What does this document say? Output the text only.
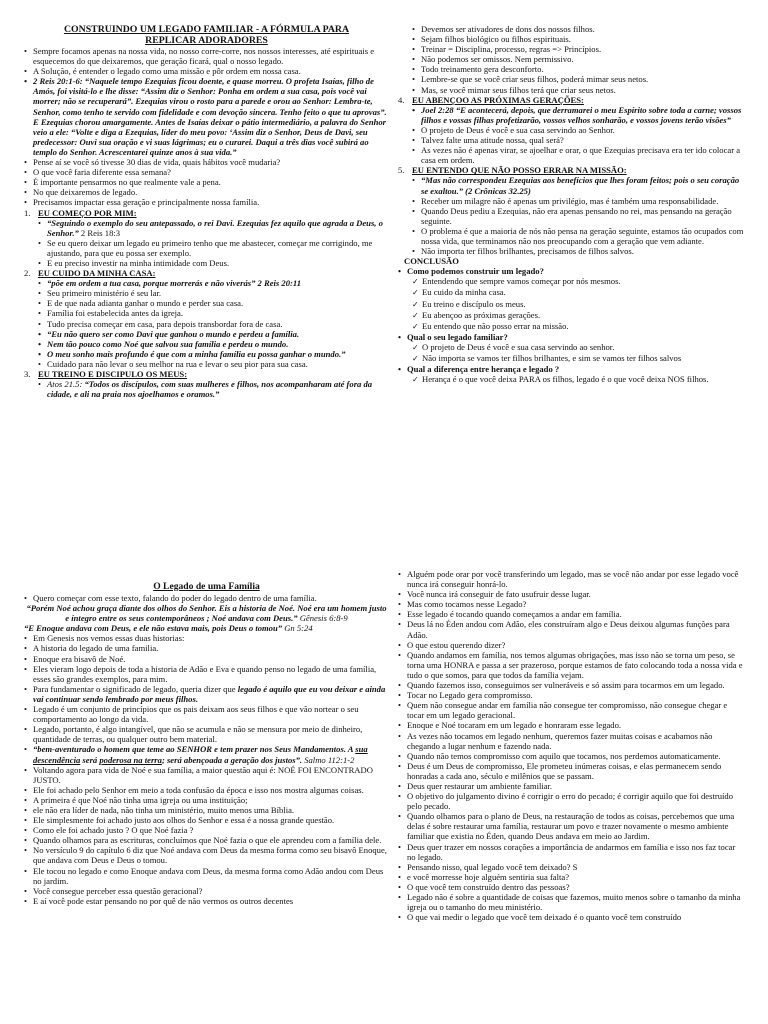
CONSTRUINDO UM LEGADO FAMILIAR - A FÓRMULA PARA
REPLICAR ADORADORES
• Sempre focamos apenas na nossa vida, no nosso corre-corre, nos nossos interesses, até espirituais e esquecemos do que deixaremos, que geração ficará, qual o nosso legado.
• A Solução, é entender o legado como uma missão e pôr ordem em nossa casa.
• 2 Reis 20:1-6: “Naquele tempo Ezequias ficou doente, e quase morreu. O profeta Isaías, filho de Amós, foi visitá-lo e lhe disse: “Assim diz o Senhor: Ponha em ordem a sua casa, pois você vai morrer; não se recuperará”. Ezequias virou o rosto para a parede e orou ao Senhor: Lembra-te, Senhor, como tenho te servido com fidelidade e com devoção sincera. Tenho feito o que tu aprovas”. E Ezequias chorou amargamente. Antes de Isaías deixar o pátio intermediário, a palavra do Senhor veio a ele: “Volte e diga a Ezequias, líder do meu povo: ‘Assim diz o Senhor, Deus de Davi, seu predecessor: Ouvi sua oração e vi suas lágrimas; eu o curarei. Daqui a três dias você subirá ao templo do Senhor. Acrescentarei quinze anos à sua vida.”
• Pense aí se você só tivesse 30 dias de vida, quais hábitos você mudaria?
• O que você faria diferente essa semana?
• É importante pensarmos no que realmente vale a pena.
• No que deixaremos de legado.
• Precisamos impactar essa geração e principalmente nossa família.
1. EU COMEÇO POR MIM:
• “Seguindo o exemplo do seu antepassado, o rei Davi. Ezequias fez aquilo que agrada a Deus, o Senhor.” 2 Reis 18:3
• Se eu quero deixar um legado eu primeiro tenho que me abastecer, começar me corrigindo, me ajustando, para que eu possa ser exemplo.
• E eu preciso investir na minha intimidade com Deus.
2. EU CUIDO DA MINHA CASA:
• “põe em ordem a tua casa, porque morrerás e não viverás” 2 Reis 20:11
• Seu primeiro ministério é seu lar.
• E de que nada adianta ganhar o mundo e perder sua casa.
• Família foi estabelecida antes da igreja.
• Tudo precisa começar em casa, para depois transbordar fora de casa.
• “Eu não quero ser como Davi que ganhou o mundo e perdeu a família.
• Nem tão pouco como Noé que salvou sua família e perdeu o mundo.
• O meu sonho mais profundo é que com a minha família eu possa ganhar o mundo.”
• Cuidado para não levar o seu melhor na rua e levar o seu pior para sua casa.
3. EU TREINO E DISCIPULO OS MEUS:
• Atos 21.5: “Todos os discípulos, com suas mulheres e filhos, nos acompanharam até fora da cidade, e ali na praia nos ajoelhamos e oramos.”
• Devemos ser ativadores de dons dos nossos filhos.
• Sejam filhos biológico ou filhos espirituais.
• Treinar = Disciplina, processo, regras => Princípios.
• Não podemos ser omissos. Nem permissivo.
• Todo treinamento gera desconforto.
• Lembre-se que se você criar seus filhos, poderá mimar seus netos.
• Mas, se você mimar seus filhos terá que criar seus netos.
4. EU ABENÇOO AS PRÓXIMAS GERAÇÕES:
• Joel 2:28 “E acontecerá, depois, que derramarei o meu Espírito sobre toda a carne; vossos filhos e vossas filhas profetizarão, vossos velhos sonharão, e vossos jovens terão visões”
• O projeto de Deus é você e sua casa servindo ao Senhor.
• Talvez falte uma atitude nossa, qual será?
• As vezes não é apenas virar, se ajoelhar e orar, o que Ezequias precisava era ter ido colocar a casa em ordem.
5. EU ENTENDO QUE NÃO POSSO ERRAR NA MISSÃO:
• “Mas não correspondeu Ezequias aos benefícios que lhes foram feitos; pois o seu coração se exaltou.” (2 Crônicas 32.25)
• Receber um milagre não é apenas um privilégio, mas é também uma responsabilidade.
• Quando Deus pediu a Ezequias, não era apenas pensando no rei, mas pensando na geração seguinte.
• O problema é que a maioria de nós não pensa na geração seguinte, estamos tão ocupados com nossa vida, que terminamos não nos preocupando com a geração que vem adiante.
• Não importa ter filhos brilhantes, precisamos de filhos salvos.
CONCLUSÃO
• Como podemos construir um legado?
✓ Entendendo que sempre vamos começar por nós mesmos.
✓ Eu cuido da minha casa.
✓ Eu treino e discípulo os meus.
✓ Eu abençoo as próximas gerações.
✓ Eu entendo que não posso errar na missão.
• Qual o seu legado familiar?
✓ O projeto de Deus é você e sua casa servindo ao senhor.
✓ Não importa se vamos ter filhos brilhantes, e sim se vamos ter filhos salvos
• Qual a diferença entre herança e legado ?
✓ Herança é o que você deixa PARA os filhos, legado é o que você deixa NOS filhos.
O Legado de uma Família
• Quero começar com esse texto, falando do poder do legado dentro de uma família.
“Porém Noé achou graça diante dos olhos do Senhor. Eis a historia de Noé. Noé era um homem justo e íntegro entre os seus contemporâneos ; Noé andava com Deus.” Gênesis 6:8-9
“E Enoque andava com Deus, e ele não estava mais, pois Deus o tomou” Gn 5:24
• Em Genesis nos vemos essas duas historias:
• A historia do legado de uma familia.
• Enoque era bisavô de Noé.
• Eles vieram logo depois de toda a historia de Adão e Eva e quando penso no legado de uma família, esses são grandes exemplos, para mim.
• Para fundamentar o significado de legado, queria dizer que legado é aquilo que eu vou deixar e ainda vai continuar sendo lembrado por meus filhos.
• Legado é um conjunto de princípios que os pais deixam aos seus filhos e que vão nortear o seu comportamento ao longo da vida.
• Legado, portanto, é algo intangível, que não se acumula e não se mensura por meio de dinheiro, quantidade de terras, ou qualquer outro bem material.
• “bem-aventurado o homem que teme ao SENHOR e tem prazer nos Seus Mandamentos. A sua descendência será poderosa na terra; será abençoada a geração dos justos”. Salmo 112:1-2
• Voltando agora para vida de Noé e sua família, a maior questão aqui é: NOÉ FOI ENCONTRADO JUSTO.
• Ele foi achado pelo Senhor em meio a toda confusão da época e isso nos mostra algumas coisas.
• A primeira é que Noé não tinha uma igreja ou uma instituição;
• ele não era líder de nada, não tinha um ministério, muito menos uma Bíblia.
• Ele simplesmente foi achado justo aos olhos do Senhor e essa é a nossa grande questão.
• Como ele foi achado justo ? O que Noé fazia ?
• Quando olhamos para as escrituras, concluímos que Noé fazia o que ele aprendeu com a família dele.
• No versículo 9 do capítulo 6 diz que Noé andava com Deus da mesma forma como seu bisavô Enoque, que andava com Deus e Deus o tomou.
• Ele tocou no legado e como Enoque andava com Deus, da mesma forma como Adão andou com Deus no jardim.
• Você consegue perceber essa questão geracional?
• E aí você pode estar pensando no por quê de não vermos os outros decentes
• Alguém pode orar por você transferindo um legado, mas se você não andar por esse legado você nunca irá conseguir honrá-lo.
• Você nunca irá conseguir de fato usufruir desse lugar.
• Mas como tocamos nesse Legado?
• Esse legado é tocando quando começamos a andar em família.
• Deus lá no Éden andou com Adão, eles construíram algo e Deus deixou algumas funções para Adão.
• O que estou querendo dizer?
• Quando andamos em família, nos temos algumas obrigações, mas isso não se torna um peso, se torna uma HONRA e passa a ser prazeroso, porque estamos de fato colocando toda a nossa vida e tudo o que somos, para que todos da família vejam.
• Quando fazemos isso, conseguimos ser vulneráveis e só assim para tocarmos em um legado.
• Tocar no Legado gera compromisso.
• Quem não consegue andar em família não consegue ter compromisso, não consegue chegar e tocar em um legado geracional.
• Enoque e Noé tocaram em um legado e honraram esse legado.
• As vezes não tocamos em legado nenhum, queremos fazer muitas coisas e acabamos não chegando a lugar nenhum e fazendo nada.
• Quando não temos compromisso com aquilo que tocamos, nos perdemos automaticamente.
• Deus é um Deus de compromisso, Ele prometeu inúmeras coisas, e elas permanecem sendo honradas a cada ano, século e milênios que se passam.
• Deus quer restaurar um ambiente familiar.
• O objetivo do julgamento divino é corrigir o erro do pecado; é corrigir aquilo que foi destruído pelo pecado.
• Quando olhamos para o plano de Deus, na restauração de todos as coisas, percebemos que uma delas é sobre restaurar uma família, restaurar um povo e trazer novamente o mesmo ambiente familiar que existia no Éden, quando Deus andava em meio ao Jardim.
• Deus quer trazer em nossos corações a importância de andarmos em família e isso nos faz tocar no legado.
• Pensando nisso, qual legado você tem deixado? S
• e você morresse hoje alguém sentiria sua falta?
• O que você tem construído dentro das pessoas?
• Legado não é sobre a quantidade de coisas que fazemos, muito menos sobre o tamanho da minha igreja ou o tamanho do meu ministério.
• O que vai medir o legado que você tem deixado é o quanto você tem construído
